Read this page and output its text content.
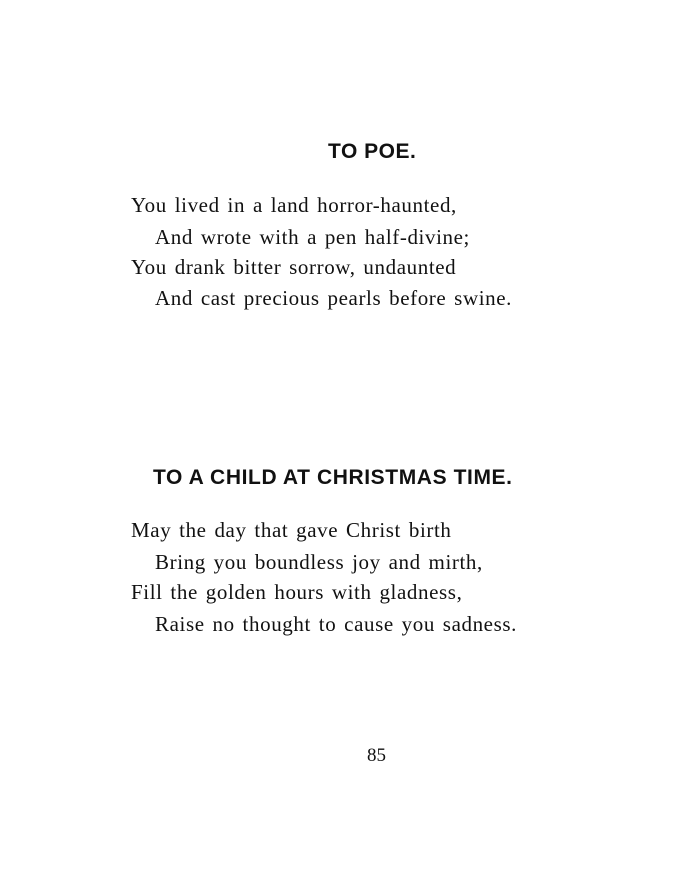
TO POE.
You lived in a land horror-haunted,
And wrote with a pen half-divine;
You drank bitter sorrow, undaunted
And cast precious pearls before swine.
TO A CHILD AT CHRISTMAS TIME.
May the day that gave Christ birth
Bring you boundless joy and mirth,
Fill the golden hours with gladness,
Raise no thought to cause you sadness.

85
